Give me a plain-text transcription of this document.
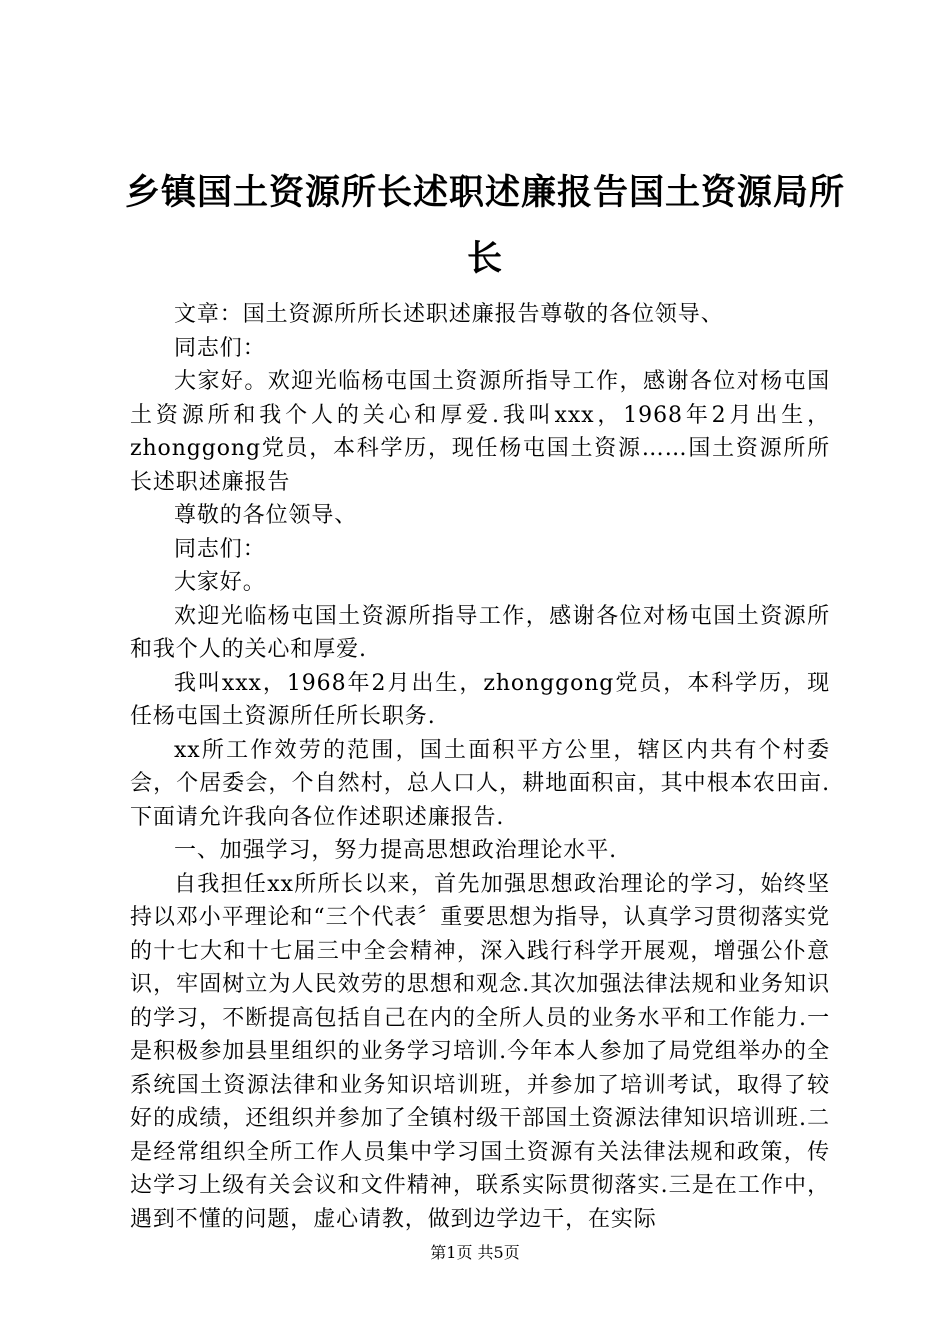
乡镇国土资源所长述职述廉报告国土资源局所长

文章：国土资源所所长述职述廉报告尊敬的各位领导、

同志们：

大家好。欢迎光临杨屯国土资源所指导工作，感谢各位对杨屯国土资源所和我个人的关心和厚爱.我叫xxx，1968年2月出生，zhonggong党员，本科学历，现任杨屯国土资源……国土资源所所长述职述廉报告

尊敬的各位领导、

同志们：

大家好。

欢迎光临杨屯国土资源所指导工作，感谢各位对杨屯国土资源所和我个人的关心和厚爱.

我叫xxx，1968年2月出生，zhonggong党员，本科学历，现任杨屯国土资源所任所长职务.

xx所工作效劳的范围，国土面积平方公里，辖区内共有个村委会，个居委会，个自然村，总人口人，耕地面积亩，其中根本农田亩.下面请允许我向各位作述职述廉报告.

一、加强学习，努力提高思想政治理论水平.

自我担任xx所所长以来，首先加强思想政治理论的学习，始终坚持以邓小平理论和“三个代表〞重要思想为指导，认真学习贯彻落实党的十七大和十七届三中全会精神，深入践行科学开展观，增强公仆意识，牢固树立为人民效劳的思想和观念.其次加强法律法规和业务知识的学习，不断提高包括自己在内的全所人员的业务水平和工作能力.一是积极参加县里组织的业务学习培训.今年本人参加了局党组举办的全系统国土资源法律和业务知识培训班，并参加了培训考试，取得了较好的成绩，还组织并参加了全镇村级干部国土资源法律知识培训班.二是经常组织全所工作人员集中学习国土资源有关法律法规和政策，传达学习上级有关会议和文件精神，联系实际贯彻落实.三是在工作中，遇到不懂的问题，虚心请教，做到边学边干，在实际

第1页 共5页
